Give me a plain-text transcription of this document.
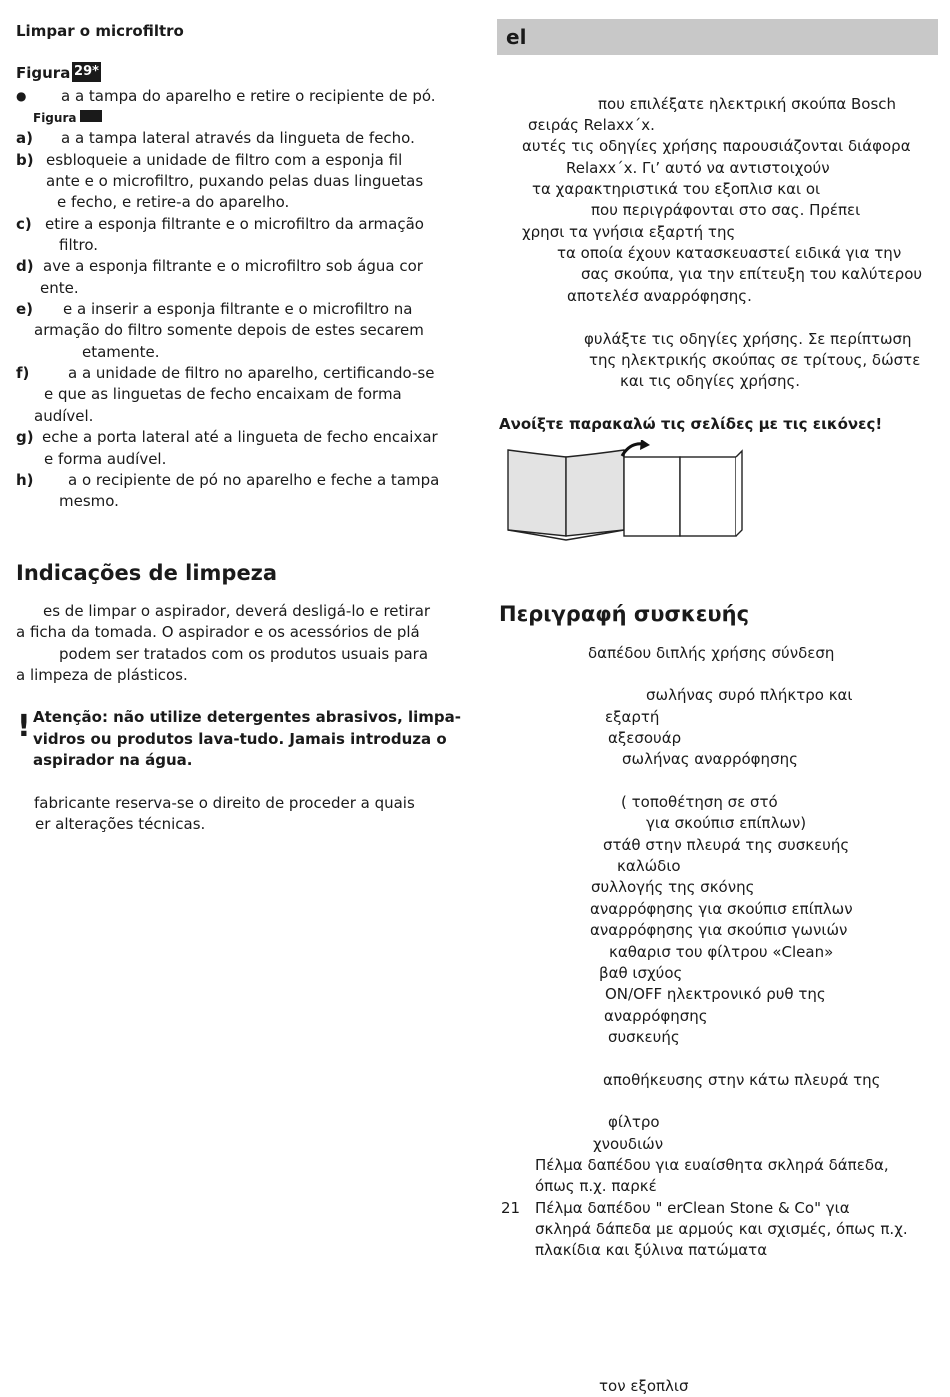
Limpar o microfiltro
Figura 29*
● a a tampa do aparelho e retire o recipiente de pó.
Figura
a) a a tampa lateral através da lingueta de fecho.
b) esbloqueie a unidade de filtro com a esponja fil
ante e o microfiltro, puxando pelas duas linguetas
e fecho, e retire-a do aparelho.
c) etire a esponja filtrante e o microfiltro da armação
filtro.
d) ave a esponja filtrante e o microfiltro sob água cor
ente.
e) e a inserir a esponja filtrante e o microfiltro na
armação do filtro somente depois de estes secarem
etamente.
f)	a a unidade de filtro no aparelho, certificando-se
e que as linguetas de fecho encaixam de forma
audível.
g) eche a porta lateral até a lingueta de fecho encaixar
e forma audível.
h) a o recipiente de pó no aparelho e feche a tampa
mesmo.
Indicações de limpeza
es de limpar o aspirador, deverá desligá-lo e retirar
a ficha da tomada. O aspirador e os acessórios de plá
podem ser tratados com os produtos usuais para
a limpeza de plásticos.
! Atenção: não utilize detergentes abrasivos, limpa-
vidros ou produtos lava-tudo. Jamais introduza o
aspirador na água.
fabricante reserva-se o direito de proceder a quais
er alterações técnicas.
el
που επιλέξατε ηλεκτρική σκούπα Bosch
σειράς Relaxx´x.
αυτές τις οδηγίες χρήσης παρουσιάζονται διάφορα
Relaxx´x. Γι’ αυτό να αντιστοιχούν
τα χαρακτηριστικά του εξοπλισ και οι
που περιγράφονται στο σας. Πρέπει
χρησι τα γνήσια εξαρτή της
τα οποία έχουν κατασκευαστεί ειδικά για την
σας σκούπα, για την επίτευξη του καλύτερου
αποτελέσ αναρρόφησης.
φυλάξτε τις οδηγίες χρήσης. Σε περίπτωση
της ηλεκτρικής σκούπας σε τρίτους, δώστε
και τις οδηγίες χρήσης.
Ανοίξτε παρακαλώ τις σελίδες με τις εικόνες!
Περιγραφή συσκευής
δαπέδου διπλής χρήσης σύνδεση
σωλήνας συρό πλήκτρο και
εξαρτή
αξεσουάρ
σωλήνας αναρρόφησης
( τοποθέτηση σε στό
για σκούπισ επίπλων)
στάθ στην πλευρά της συσκευής
καλώδιο
συλλογής της σκόνης
αναρρόφησης για σκούπισ επίπλων
αναρρόφησης για σκούπισ γωνιών
καθαρισ του φίλτρου «Clean»
βαθ ισχύος
ON/OFF ηλεκτρονικό ρυθ της
αναρρόφησης
συσκευής
αποθήκευσης στην κάτω πλευρά της
φίλτρο
χνουδιών
Πέλμα δαπέδου για ευαίσθητα σκληρά δάπεδα,
όπως π.χ. παρκέ
21 Πέλμα δαπέδου " erClean Stone & Co" για
σκληρά δάπεδα με αρμούς και σχισμές, όπως π.χ.
πλακίδια και ξύλινα πατώματα
τον εξοπλισ
